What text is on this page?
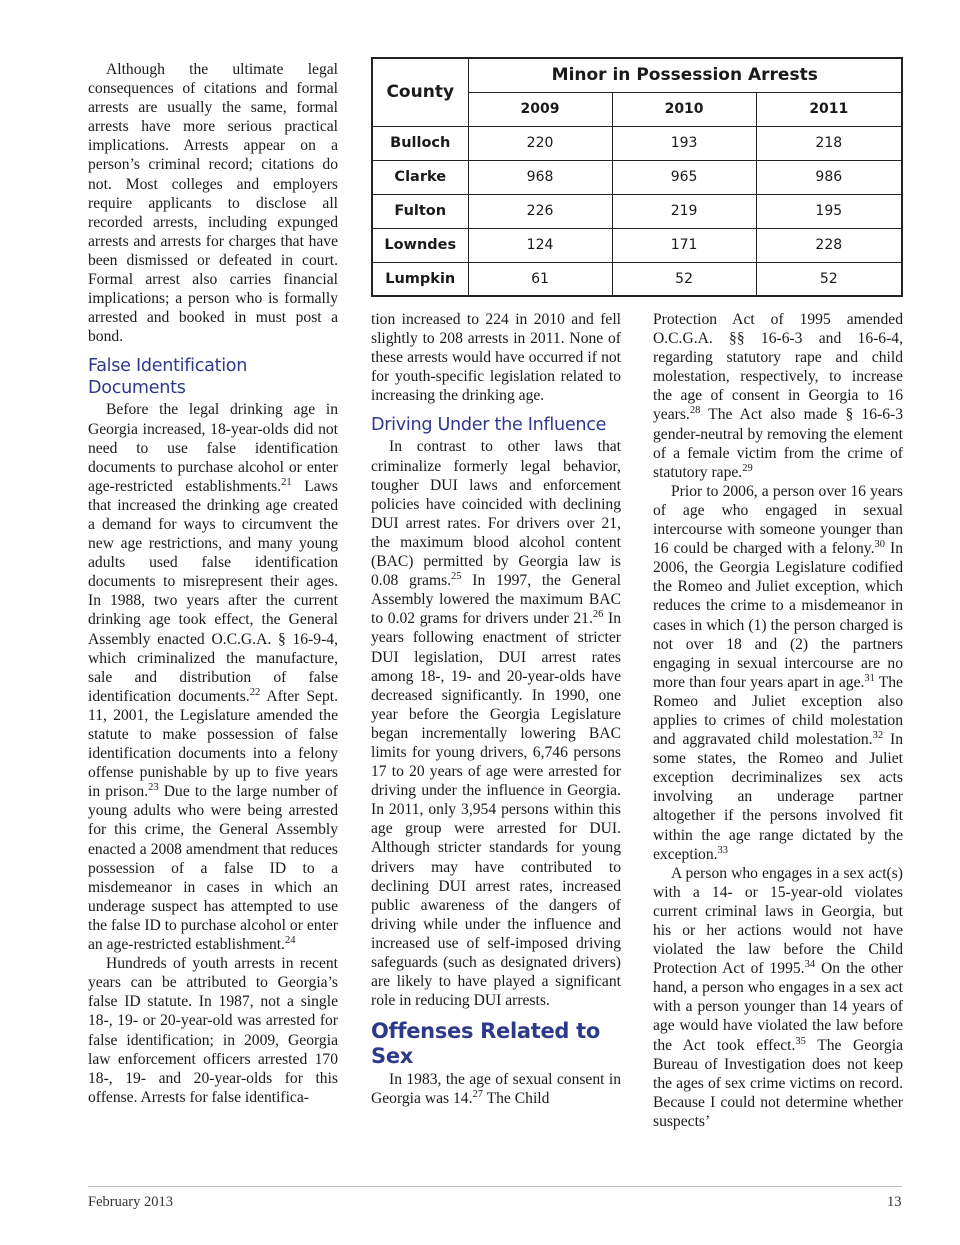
County	Minor in Possession Arrests		
	2009	2010	2011
Bulloch	220	193	218
Clarke	968	965	986
Fulton	226	219	195
Lowndes	124	171	228
Lumpkin	61	52	52

Although the ultimate legal consequences of citations and formal arrests are usually the same, formal arrests have more serious practical implications. Arrests appear on a person’s criminal record; citations do not. Most colleges and employers require applicants to disclose all recorded arrests, including expunged arrests and arrests for charges that have been dismissed or defeated in court. Formal arrest also carries financial implications; a person who is formally arrested and booked in must post a bond.

False Identification Documents

Before the legal drinking age in Georgia increased, 18-year-olds did not need to use false identification documents to purchase alcohol or enter age-restricted establishments.$^{21}$ Laws that increased the drinking age created a demand for ways to circumvent the new age restrictions, and many young adults used false identification documents to misrepresent their ages. In 1988, two years after the current drinking age took effect, the General Assembly enacted O.C.G.A. § 16-9-4, which criminalized the manufacture, sale and distribution of false identification documents.$^{22}$ After Sept. 11, 2001, the Legislature amended the statute to make possession of false identification documents into a felony offense punishable by up to five years in prison.$^{23}$ Due to the large number of young adults who were being arrested for this crime, the General Assembly enacted a 2008 amendment that reduces possession of a false ID to a misdemeanor in cases in which an underage suspect has attempted to use the false ID to purchase alcohol or enter an age-restricted establishment.$^{24}$

Hundreds of youth arrests in recent years can be attributed to Georgia’s false ID statute. In 1987, not a single 18-, 19- or 20-year-old was arrested for false identification; in 2009, Georgia law enforcement officers arrested 170 18-, 19- and 20-year-olds for this offense. Arrests for false identifica-

tion increased to 224 in 2010 and fell slightly to 208 arrests in 2011. None of these arrests would have occurred if not for youth-specific legislation related to increasing the drinking age.

Driving Under the Influence

In contrast to other laws that criminalize formerly legal behavior, tougher DUI laws and enforcement policies have coincided with declining DUI arrest rates. For drivers over 21, the maximum blood alcohol content (BAC) permitted by Georgia law is 0.08 grams.$^{25}$ In 1997, the General Assembly lowered the maximum BAC to 0.02 grams for drivers under 21.26 In years following enactment of stricter DUI legislation, DUI arrest rates among 18-, 19- and 20-year-olds have decreased significantly. In 1990, one year before the Georgia Legislature began incrementally lowering BAC limits for young drivers, 6,746 persons 17 to 20 years of age were arrested for driving under the influence in Georgia. In 2011, only 3,954 persons within this age group were arrested for DUI. Although stricter standards for young drivers may have contributed to declining DUI arrest rates, increased public awareness of the dangers of driving while under the influence and increased use of self-imposed driving safeguards (such as designated drivers) are likely to have played a significant role in reducing DUI arrests.

Offenses Related to Sex

In 1983, the age of sexual consent in Georgia was 14.27 The Child

Protection Act of 1995 amended O.C.G.A. §§ 16-6-3 and 16-6-4, regarding statutory rape and child molestation, respectively, to increase the age of consent in Georgia to 16 years.$^{28}$ The Act also made § 16-6-3 gender-neutral by removing the element of a female victim from the crime of statutory rape.$^{29}$

Prior to 2006, a person over 16 years of age who engaged in sexual intercourse with someone younger than 16 could be charged with a felony.$^{30}$ In 2006, the Georgia Legislature codified the Romeo and Juliet exception, which reduces the crime to a misdemeanor in cases in which (1) the person charged is not over 18 and (2) the partners engaging in sexual intercourse are no more than four years apart in age.$^{31}$ The Romeo and Juliet exception also applies to crimes of child molestation and aggravated child molestation.$^{32}$ In some states, the Romeo and Juliet exception decriminalizes sex acts involving an underage partner altogether if the persons involved fit within the age range dictated by the exception.$^{33}$

A person who engages in a sex act(s) with a 14- or 15-year-old violates current criminal laws in Georgia, but his or her actions would not have violated the law before the Child Protection Act of 1995.34 On the other hand, a person who engages in a sex act with a person younger than 14 years of age would have violated the law before the Act took effect.$^{35}$ The Georgia Bureau of Investigation does not keep the ages of sex crime victims on record. Because I could not determine whether suspects’

February 2013	13
